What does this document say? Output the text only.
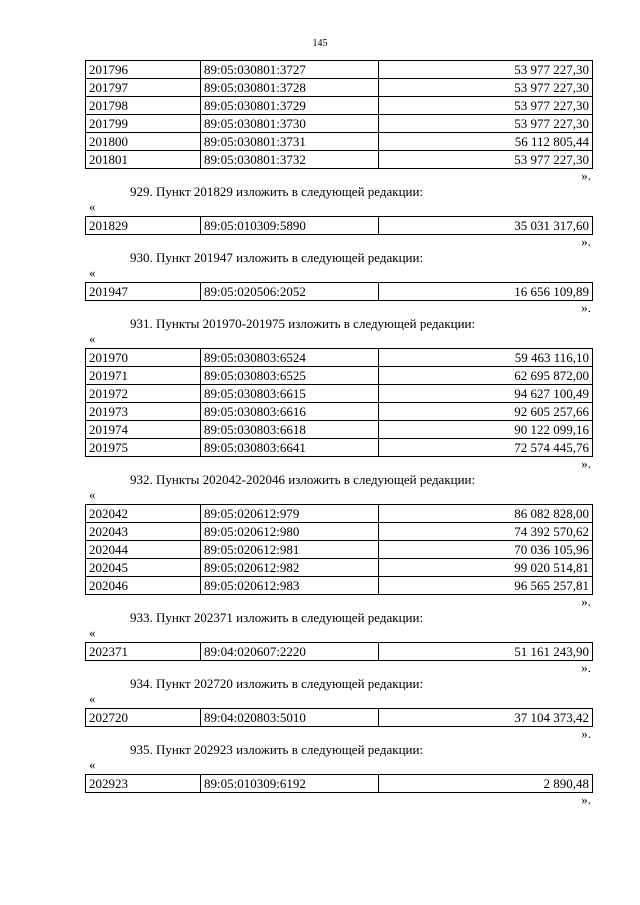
145
201796	89:05:030801:3727	53 977 227,30
201797	89:05:030801:3728	53 977 227,30
201798	89:05:030801:3729	53 977 227,30
201799	89:05:030801:3730	53 977 227,30
201800	89:05:030801:3731	56 112 805,44
201801	89:05:030801:3732	53 977 227,30
».
929. Пункт 201829 изложить в следующей редакции:
«
201829	89:05:010309:5890	35 031 317,60
».
930. Пункт 201947 изложить в следующей редакции:
«
201947	89:05:020506:2052	16 656 109,89
».
931. Пункты 201970-201975 изложить в следующей редакции:
«
201970	89:05:030803:6524	59 463 116,10
201971	89:05:030803:6525	62 695 872,00
201972	89:05:030803:6615	94 627 100,49
201973	89:05:030803:6616	92 605 257,66
201974	89:05:030803:6618	90 122 099,16
201975	89:05:030803:6641	72 574 445,76
».
932. Пункты 202042-202046 изложить в следующей редакции:
«
202042	89:05:020612:979	86 082 828,00
202043	89:05:020612:980	74 392 570,62
202044	89:05:020612:981	70 036 105,96
202045	89:05:020612:982	99 020 514,81
202046	89:05:020612:983	96 565 257,81
».
933. Пункт 202371 изложить в следующей редакции:
«
202371	89:04:020607:2220	51 161 243,90
».
934. Пункт 202720 изложить в следующей редакции:
«
202720	89:04:020803:5010	37 104 373,42
».
935. Пункт 202923 изложить в следующей редакции:
«
202923	89:05:010309:6192	2 890,48
».
